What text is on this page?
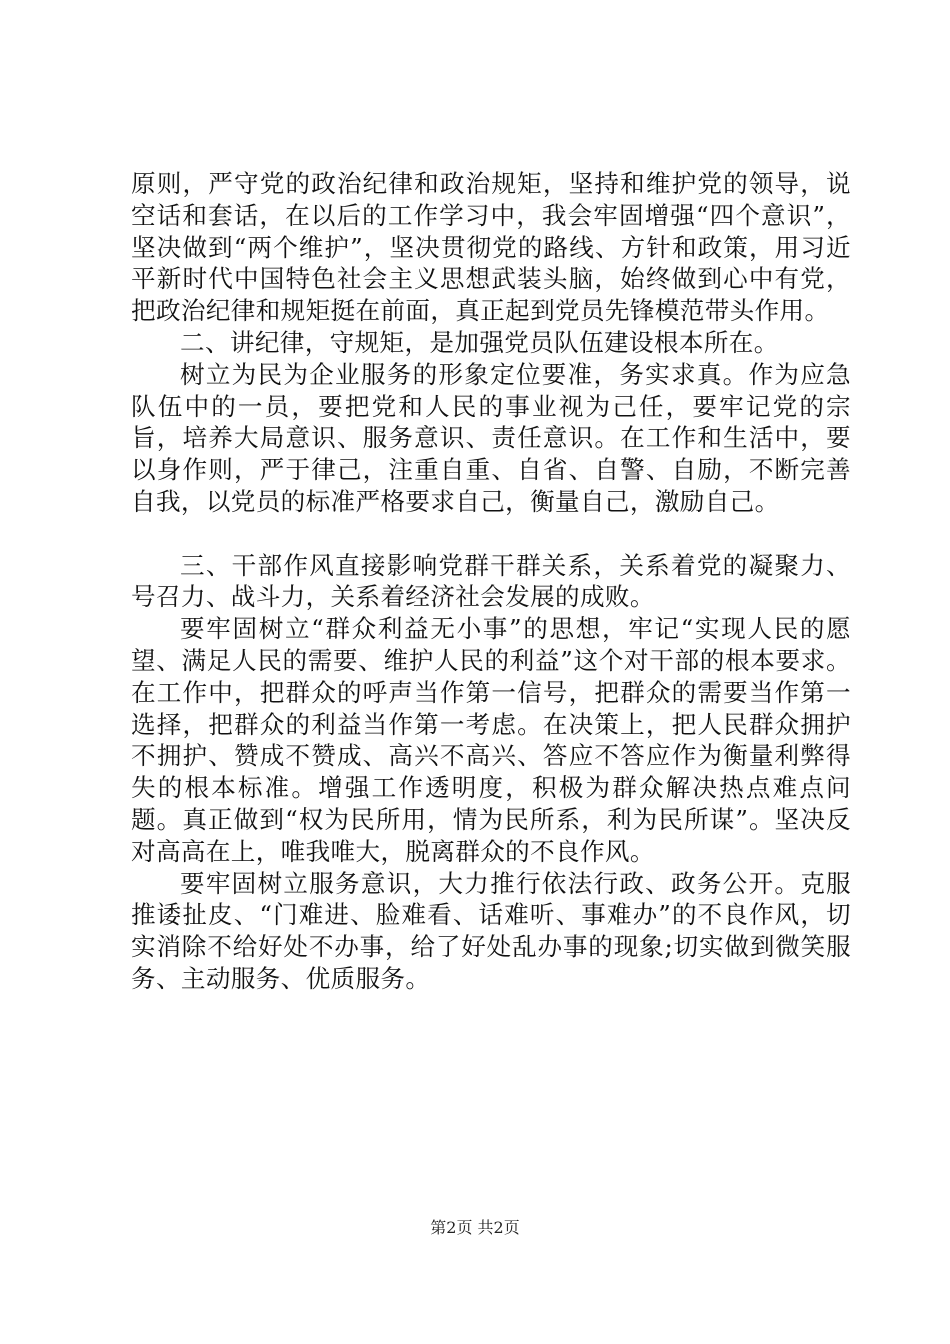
原则，严守党的政治纪律和政治规矩，坚持和维护党的领导，说空话和套话，在以后的工作学习中，我会牢固增强“四个意识”，坚决做到“两个维护”，坚决贯彻党的路线、方针和政策，用习近平新时代中国特色社会主义思想武装头脑，始终做到心中有党，把政治纪律和规矩挺在前面，真正起到党员先锋模范带头作用。

二、讲纪律，守规矩，是加强党员队伍建设根本所在。

树立为民为企业服务的形象定位要准，务实求真。作为应急队伍中的一员，要把党和人民的事业视为己任，要牢记党的宗旨，培养大局意识、服务意识、责任意识。在工作和生活中，要以身作则，严于律己，注重自重、自省、自警、自励，不断完善自我，以党员的标准严格要求自己，衡量自己，激励自己。

三、干部作风直接影响党群干群关系，关系着党的凝聚力、号召力、战斗力，关系着经济社会发展的成败。

要牢固树立“群众利益无小事”的思想，牢记“实现人民的愿望、满足人民的需要、维护人民的利益”这个对干部的根本要求。在工作中，把群众的呼声当作第一信号，把群众的需要当作第一选择，把群众的利益当作第一考虑。在决策上，把人民群众拥护不拥护、赞成不赞成、高兴不高兴、答应不答应作为衡量利弊得失的根本标准。增强工作透明度，积极为群众解决热点难点问题。真正做到“权为民所用，情为民所系，利为民所谋”。坚决反对高高在上，唯我唯大，脱离群众的不良作风。

要牢固树立服务意识，大力推行依法行政、政务公开。克服推诿扯皮、“门难进、脸难看、话难听、事难办”的不良作风，切实消除不给好处不办事，给了好处乱办事的现象;切实做到微笑服务、主动服务、优质服务。

第2页 共2页
